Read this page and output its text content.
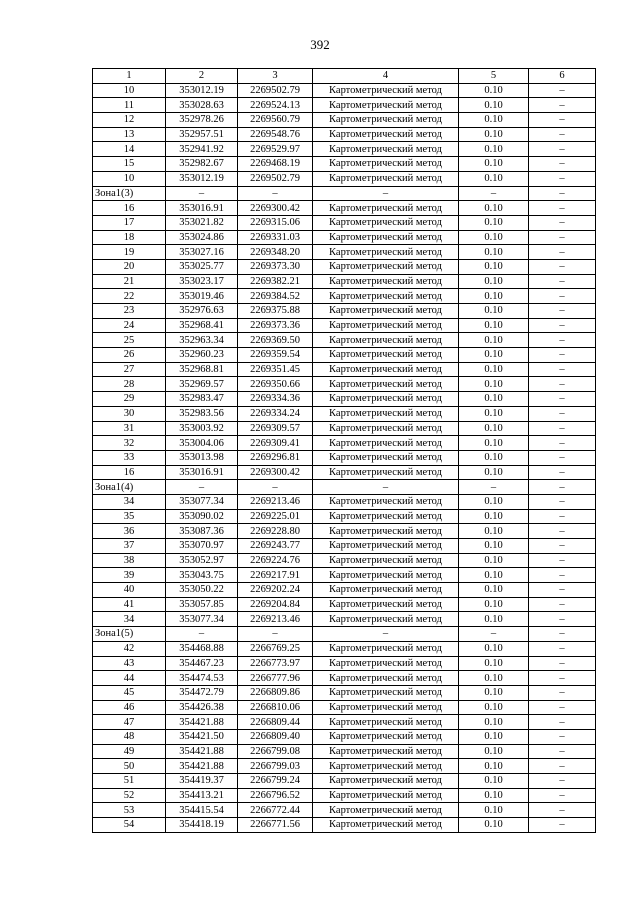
392
1	2	3	4	5	6
10	353012.19	2269502.79	Картометрический метод	0.10	–
11	353028.63	2269524.13	Картометрический метод	0.10	–
12	352978.26	2269560.79	Картометрический метод	0.10	–
13	352957.51	2269548.76	Картометрический метод	0.10	–
14	352941.92	2269529.97	Картометрический метод	0.10	–
15	352982.67	2269468.19	Картометрический метод	0.10	–
10	353012.19	2269502.79	Картометрический метод	0.10	–
Зона1(3)	–	–	–	–	–
16	353016.91	2269300.42	Картометрический метод	0.10	–
17	353021.82	2269315.06	Картометрический метод	0.10	–
18	353024.86	2269331.03	Картометрический метод	0.10	–
19	353027.16	2269348.20	Картометрический метод	0.10	–
20	353025.77	2269373.30	Картометрический метод	0.10	–
21	353023.17	2269382.21	Картометрический метод	0.10	–
22	353019.46	2269384.52	Картометрический метод	0.10	–
23	352976.63	2269375.88	Картометрический метод	0.10	–
24	352968.41	2269373.36	Картометрический метод	0.10	–
25	352963.34	2269369.50	Картометрический метод	0.10	–
26	352960.23	2269359.54	Картометрический метод	0.10	–
27	352968.81	2269351.45	Картометрический метод	0.10	–
28	352969.57	2269350.66	Картометрический метод	0.10	–
29	352983.47	2269334.36	Картометрический метод	0.10	–
30	352983.56	2269334.24	Картометрический метод	0.10	–
31	353003.92	2269309.57	Картометрический метод	0.10	–
32	353004.06	2269309.41	Картометрический метод	0.10	–
33	353013.98	2269296.81	Картометрический метод	0.10	–
16	353016.91	2269300.42	Картометрический метод	0.10	–
Зона1(4)	–	–	–	–	–
34	353077.34	2269213.46	Картометрический метод	0.10	–
35	353090.02	2269225.01	Картометрический метод	0.10	–
36	353087.36	2269228.80	Картометрический метод	0.10	–
37	353070.97	2269243.77	Картометрический метод	0.10	–
38	353052.97	2269224.76	Картометрический метод	0.10	–
39	353043.75	2269217.91	Картометрический метод	0.10	–
40	353050.22	2269202.24	Картометрический метод	0.10	–
41	353057.85	2269204.84	Картометрический метод	0.10	–
34	353077.34	2269213.46	Картометрический метод	0.10	–
Зона1(5)	–	–	–	–	–
42	354468.88	2266769.25	Картометрический метод	0.10	–
43	354467.23	2266773.97	Картометрический метод	0.10	–
44	354474.53	2266777.96	Картометрический метод	0.10	–
45	354472.79	2266809.86	Картометрический метод	0.10	–
46	354426.38	2266810.06	Картометрический метод	0.10	–
47	354421.88	2266809.44	Картометрический метод	0.10	–
48	354421.50	2266809.40	Картометрический метод	0.10	–
49	354421.88	2266799.08	Картометрический метод	0.10	–
50	354421.88	2266799.03	Картометрический метод	0.10	–
51	354419.37	2266799.24	Картометрический метод	0.10	–
52	354413.21	2266796.52	Картометрический метод	0.10	–
53	354415.54	2266772.44	Картометрический метод	0.10	–
54	354418.19	2266771.56	Картометрический метод	0.10	–
